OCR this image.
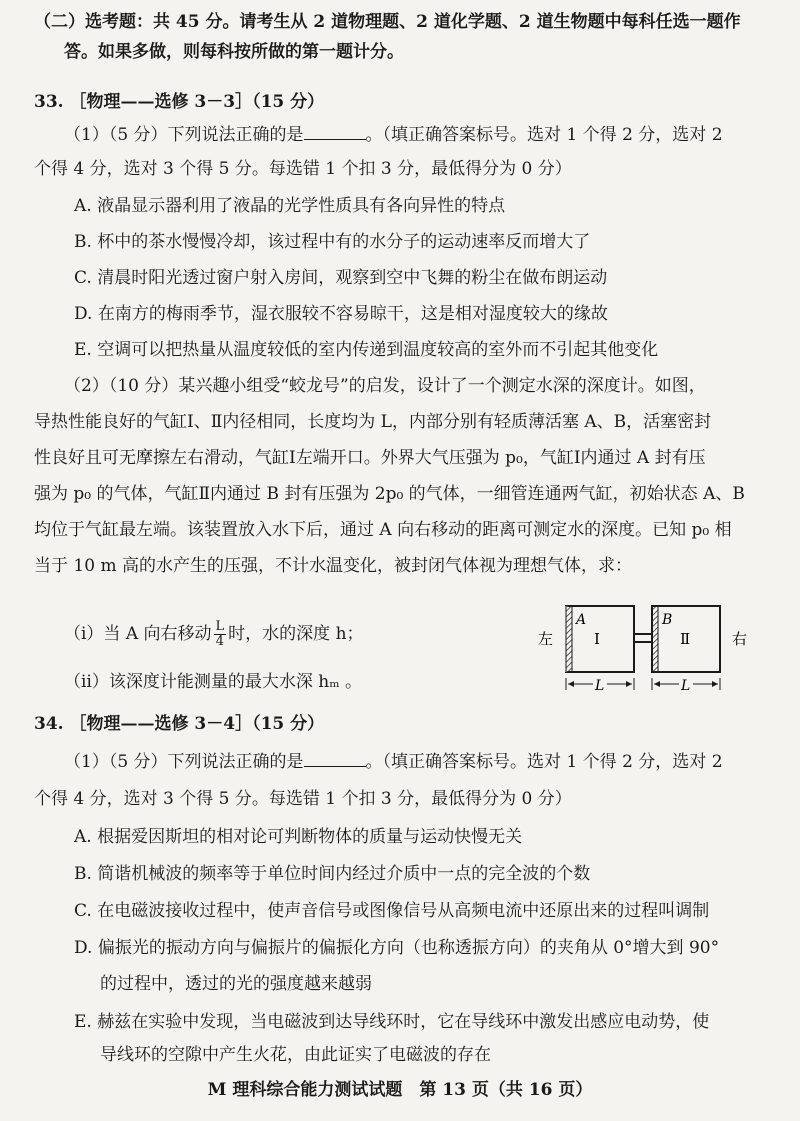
（二）选考题：共 45 分。请考生从 2 道物理题、2 道化学题、2 道生物题中每科任选一题作
答。如果多做，则每科按所做的第一题计分。
33. ［物理——选修 3－3］（15 分）
（1）（5 分）下列说法正确的是	。（填正确答案标号。选对 1 个得 2 分，选对 2
个得 4 分，选对 3 个得 5 分。每选错 1 个扣 3 分，最低得分为 0 分）
A. 液晶显示器利用了液晶的光学性质具有各向异性的特点
B. 杯中的茶水慢慢冷却，该过程中有的水分子的运动速率反而增大了
C. 清晨时阳光透过窗户射入房间，观察到空中飞舞的粉尘在做布朗运动
D. 在南方的梅雨季节，湿衣服较不容易晾干，这是相对湿度较大的缘故
E. 空调可以把热量从温度较低的室内传递到温度较高的室外而不引起其他变化
（2）（10 分）某兴趣小组受“蛟龙号”的启发，设计了一个测定水深的深度计。如图，
导热性能良好的气缸Ⅰ、Ⅱ内径相同，长度均为 L，内部分别有轻质薄活塞 A、B，活塞密封
性良好且可无摩擦左右滑动，气缸Ⅰ左端开口。外界大气压强为 p₀，气缸Ⅰ内通过 A 封有压
强为 p₀ 的气体，气缸Ⅱ内通过 B 封有压强为 2p₀ 的气体，一细管连通两气缸，初始状态 A、B
均位于气缸最左端。该装置放入水下后，通过 A 向右移动的距离可测定水的深度。已知 p₀ 相
当于 10 m 高的水产生的压强，不计水温变化，被封闭气体视为理想气体，求：
（ⅰ）当 A 向右移动 $\frac{L}{4}$ 时，水的深度 h；
（ⅱ）该深度计能测量的最大水深 hₘ 。
左
A
Ⅰ
B
Ⅱ	右
L	L
34. ［物理——选修 3－4］（15 分）
（1）（5 分）下列说法正确的是	。（填正确答案标号。选对 1 个得 2 分，选对 2
个得 4 分，选对 3 个得 5 分。每选错 1 个扣 3 分，最低得分为 0 分）
A. 根据爱因斯坦的相对论可判断物体的质量与运动快慢无关
B. 简谐机械波的频率等于单位时间内经过介质中一点的完全波的个数
C. 在电磁波接收过程中，使声音信号或图像信号从高频电流中还原出来的过程叫调制
D. 偏振光的振动方向与偏振片的偏振化方向（也称透振方向）的夹角从 0°增大到 90°
的过程中，透过的光的强度越来越弱
E. 赫兹在实验中发现，当电磁波到达导线环时，它在导线环中激发出感应电动势，使
导线环的空隙中产生火花，由此证实了电磁波的存在
M 理科综合能力测试试题　第 13 页（共 16 页）
